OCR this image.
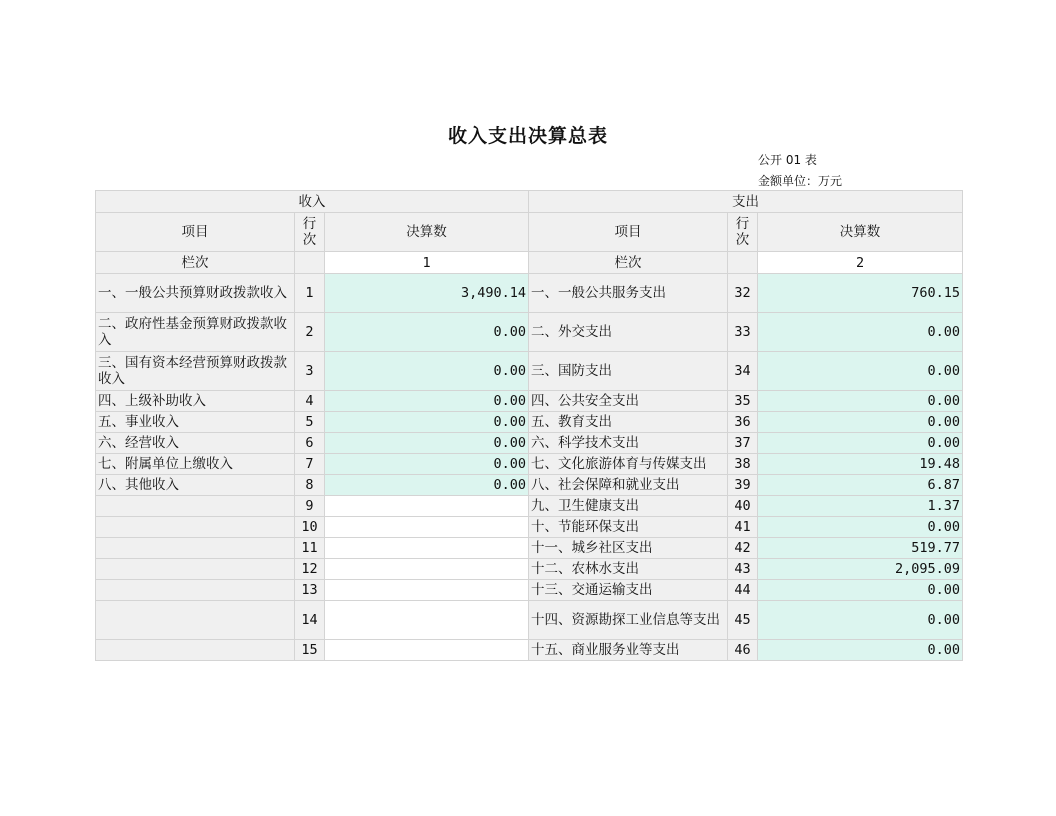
收入支出决算总表
公开 01 表
金额单位：万元
收入			支出		
项目	行次	决算数	项目	行次	决算数
栏次		1	栏次		2
一、一般公共预算财政拨款收入	1	3,490.14	一、一般公共服务支出	32	760.15
二、政府性基金预算财政拨款收入	2	0.00	二、外交支出	33	0.00
三、国有资本经营预算财政拨款收入	3	0.00	三、国防支出	34	0.00
四、上级补助收入	4	0.00	四、公共安全支出	35	0.00
五、事业收入	5	0.00	五、教育支出	36	0.00
六、经营收入	6	0.00	六、科学技术支出	37	0.00
七、附属单位上缴收入	7	0.00	七、文化旅游体育与传媒支出	38	19.48
八、其他收入	8	0.00	八、社会保障和就业支出	39	6.87
	9		九、卫生健康支出	40	1.37
	10		十、节能环保支出	41	0.00
	11		十一、城乡社区支出	42	519.77
	12		十二、农林水支出	43	2,095.09
	13		十三、交通运输支出	44	0.00
	14		十四、资源勘探工业信息等支出	45	0.00
	15		十五、商业服务业等支出	46	0.00
